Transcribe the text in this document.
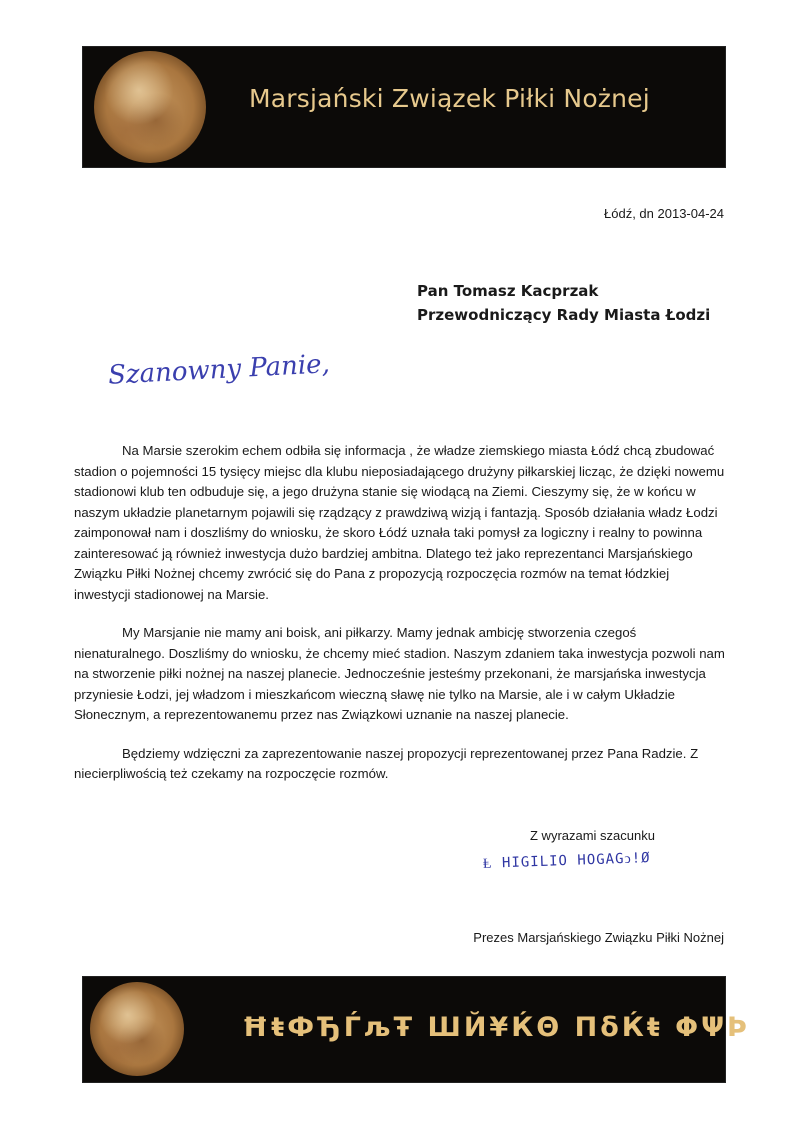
Marsjański Związek Piłki Nożnej
Łódź, dn 2013-04-24
Pan Tomasz Kacprzak
Przewodniczący Rady Miasta Łodzi
Szanowny Panie,

Na Marsie szerokim echem odbiła się informacja , że władze ziemskiego miasta Łódź chcą zbudować stadion o pojemności 15 tysięcy miejsc dla klubu nieposiadającego drużyny piłkarskiej licząc, że dzięki nowemu stadionowi klub ten odbuduje się, a jego drużyna stanie się wiodącą na Ziemi. Cieszymy się, że w końcu w naszym układzie planetarnym pojawili się rządzący z prawdziwą wizją i fantazją. Sposób działania władz Łodzi zaimponował nam i doszliśmy do wniosku, że skoro Łódź uznała taki pomysł za logiczny i realny to powinna zainteresować ją również inwestycja dużo bardziej ambitna. Dlatego też jako reprezentanci Marsjańskiego Związku Piłki Nożnej chcemy zwrócić się do Pana z propozycją rozpoczęcia rozmów na temat łódzkiej inwestycji stadionowej na Marsie.

My Marsjanie nie mamy ani boisk, ani piłkarzy. Mamy jednak ambicję stworzenia czegoś nienaturalnego. Doszliśmy do wniosku, że chcemy mieć stadion. Naszym zdaniem taka inwestycja pozwoli nam na stworzenie piłki nożnej na naszej planecie. Jednocześnie jesteśmy przekonani, że marsjańska inwestycja przyniesie Łodzi, jej władzom i mieszkańcom wieczną sławę nie tylko na Marsie, ale i w całym Układzie Słonecznym, a reprezentowanemu przez nas Związkowi uznanie na naszej planecie.

Będziemy wdzięczni za zaprezentowanie naszej propozycji reprezentowanej przez Pana Radzie. Z niecierpliwością też czekamy na rozpoczęcie rozmów.

Z wyrazami szacunku
Ⱡ HIGILIO HOGAGↄ!Ø
Prezes Marsjańskiego Związku Piłki Nożnej
ĦŧФЂЃљŦ ШЙ¥ЌΘ ΠδЌŧ ΦΨϷ
